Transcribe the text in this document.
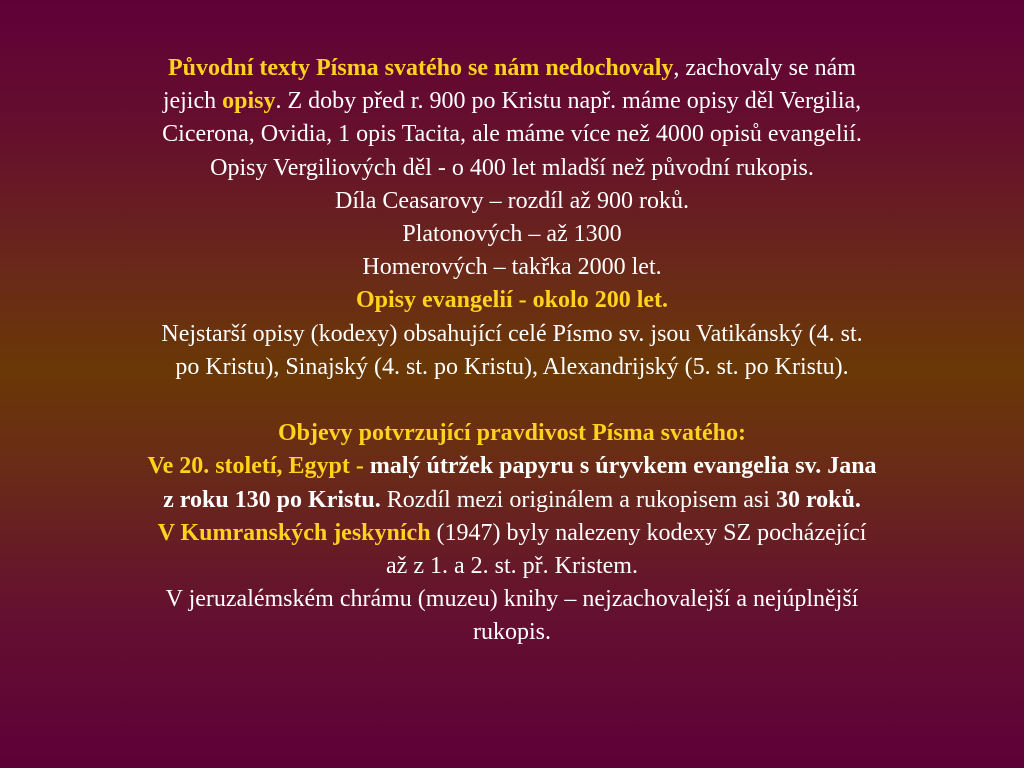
Původní texty Písma svatého se nám nedochovaly, zachovaly se nám
jejich opisy. Z doby před r. 900 po Kristu např. máme opisy děl Vergilia,
Cicerona, Ovidia, 1 opis Tacita, ale máme více než 4000 opisů evangelií.
Opisy Vergiliových děl - o 400 let mladší než původní rukopis.
Díla Ceasarovy – rozdíl až 900 roků.
Platonových – až 1300
Homerových – takřka 2000 let.
Opisy evangelií - okolo 200 let.
Nejstarší opisy (kodexy) obsahující celé Písmo sv. jsou Vatikánský (4. st.
po Kristu), Sinajský (4. st. po Kristu), Alexandrijský (5. st. po Kristu).
Objevy potvrzující pravdivost Písma svatého:
Ve 20. století, Egypt - malý útržek papyru s úryvkem evangelia sv. Jana
z roku 130 po Kristu. Rozdíl mezi originálem a rukopisem asi 30 roků.
V Kumranských jeskyních (1947) byly nalezeny kodexy SZ pocházející
až z 1. a 2. st. př. Kristem.
V jeruzalémském chrámu (muzeu) knihy – nejzachovalejší a nejúplnější
rukopis.
